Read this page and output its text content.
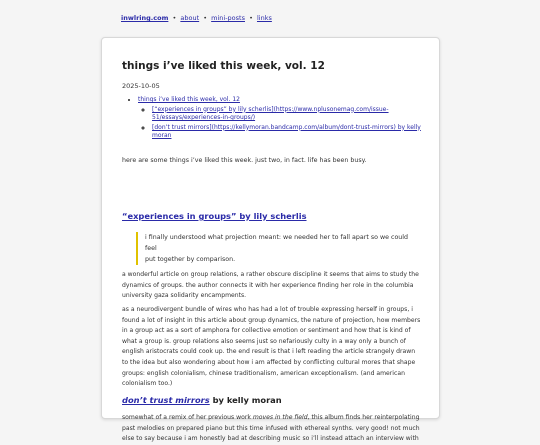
inwlring.com • about • mini-posts • links
things i’ve liked this week, vol. 12
2025-10-05
• things i’ve liked this week, vol. 12
◦ [“experiences in groups” by lily scherlis](https://www.nplusonemag.com/issue-51/essays/experiences-in-groups/)
◦ [don’t trust mirrors](https://kellymoran.bandcamp.com/album/dont-trust-mirrors) by kelly moran
here are some things i’ve liked this week. just two, in fact. life has been busy.
“experiences in groups” by lily scherlis
i finally understood what projection meant: we needed her to fall apart so we could feel
put together by comparison.

a wonderful article on group relations, a rather obscure discipline it seems that aims to study the dynamics of groups. the author connects it with her experience finding her role in the columbia university gaza solidarity encampments.

as a neurodivergent bundle of wires who has had a lot of trouble expressing herself in groups, i found a lot of insight in this article about group dynamics, the nature of projection, how members in a group act as a sort of amphora for collective emotion or sentiment and how that is kind of what a group is. group relations also seems just so nefariously culty in a way only a bunch of english aristocrats could cook up. the end result is that i left reading the article strangely drawn to the idea but also wondering about how i am affected by conflicting cultural mores that shape groups: english colonialism, chinese traditionalism, american exceptionalism. (and american colonialism too.)

don’t trust mirrors by kelly moran

somewhat of a remix of her previous work moves in the field, this album finds her reinterpolating past melodies on prepared piano but this time infused with ethereal synths. very good! not much else to say because i am honestly bad at describing music so i’ll instead attach an interview with
